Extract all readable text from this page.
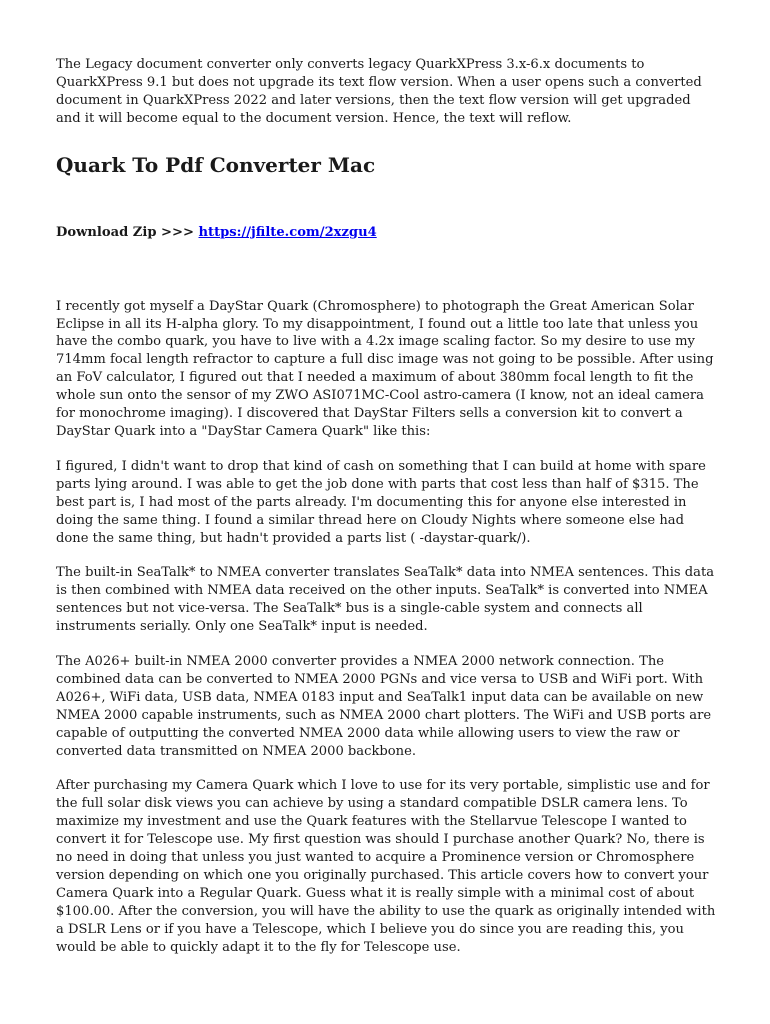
The Legacy document converter only converts legacy QuarkXPress 3.x-6.x documents to QuarkXPress 9.1 but does not upgrade its text flow version. When a user opens such a converted document in QuarkXPress 2022 and later versions, then the text flow version will get upgraded and it will become equal to the document version. Hence, the text will reflow.

Quark To Pdf Converter Mac

Download Zip >>> https://jfilte.com/2xzgu4

I recently got myself a DayStar Quark (Chromosphere) to photograph the Great American Solar Eclipse in all its H-alpha glory. To my disappointment, I found out a little too late that unless you have the combo quark, you have to live with a 4.2x image scaling factor. So my desire to use my 714mm focal length refractor to capture a full disc image was not going to be possible. After using an FoV calculator, I figured out that I needed a maximum of about 380mm focal length to fit the whole sun onto the sensor of my ZWO ASI071MC-Cool astro-camera (I know, not an ideal camera for monochrome imaging). I discovered that DayStar Filters sells a conversion kit to convert a DayStar Quark into a "DayStar Camera Quark" like this:

I figured, I didn't want to drop that kind of cash on something that I can build at home with spare parts lying around. I was able to get the job done with parts that cost less than half of $315. The best part is, I had most of the parts already. I'm documenting this for anyone else interested in doing the same thing. I found a similar thread here on Cloudy Nights where someone else had done the same thing, but hadn't provided a parts list ( -daystar-quark/).

The built-in SeaTalk* to NMEA converter translates SeaTalk* data into NMEA sentences. This data is then combined with NMEA data received on the other inputs. SeaTalk* is converted into NMEA sentences but not vice-versa. The SeaTalk* bus is a single-cable system and connects all instruments serially. Only one SeaTalk* input is needed.

The A026+ built-in NMEA 2000 converter provides a NMEA 2000 network connection. The combined data can be converted to NMEA 2000 PGNs and vice versa to USB and WiFi port. With A026+, WiFi data, USB data, NMEA 0183 input and SeaTalk1 input data can be available on new NMEA 2000 capable instruments, such as NMEA 2000 chart plotters. The WiFi and USB ports are capable of outputting the converted NMEA 2000 data while allowing users to view the raw or converted data transmitted on NMEA 2000 backbone.

After purchasing my Camera Quark which I love to use for its very portable, simplistic use and for the full solar disk views you can achieve by using a standard compatible DSLR camera lens. To maximize my investment and use the Quark features with the Stellarvue Telescope I wanted to convert it for Telescope use. My first question was should I purchase another Quark? No, there is no need in doing that unless you just wanted to acquire a Prominence version or Chromosphere version depending on which one you originally purchased. This article covers how to convert your Camera Quark into a Regular Quark. Guess what it is really simple with a minimal cost of about $100.00. After the conversion, you will have the ability to use the quark as originally intended with a DSLR Lens or if you have a Telescope, which I believe you do since you are reading this, you would be able to quickly adapt it to the fly for Telescope use.
